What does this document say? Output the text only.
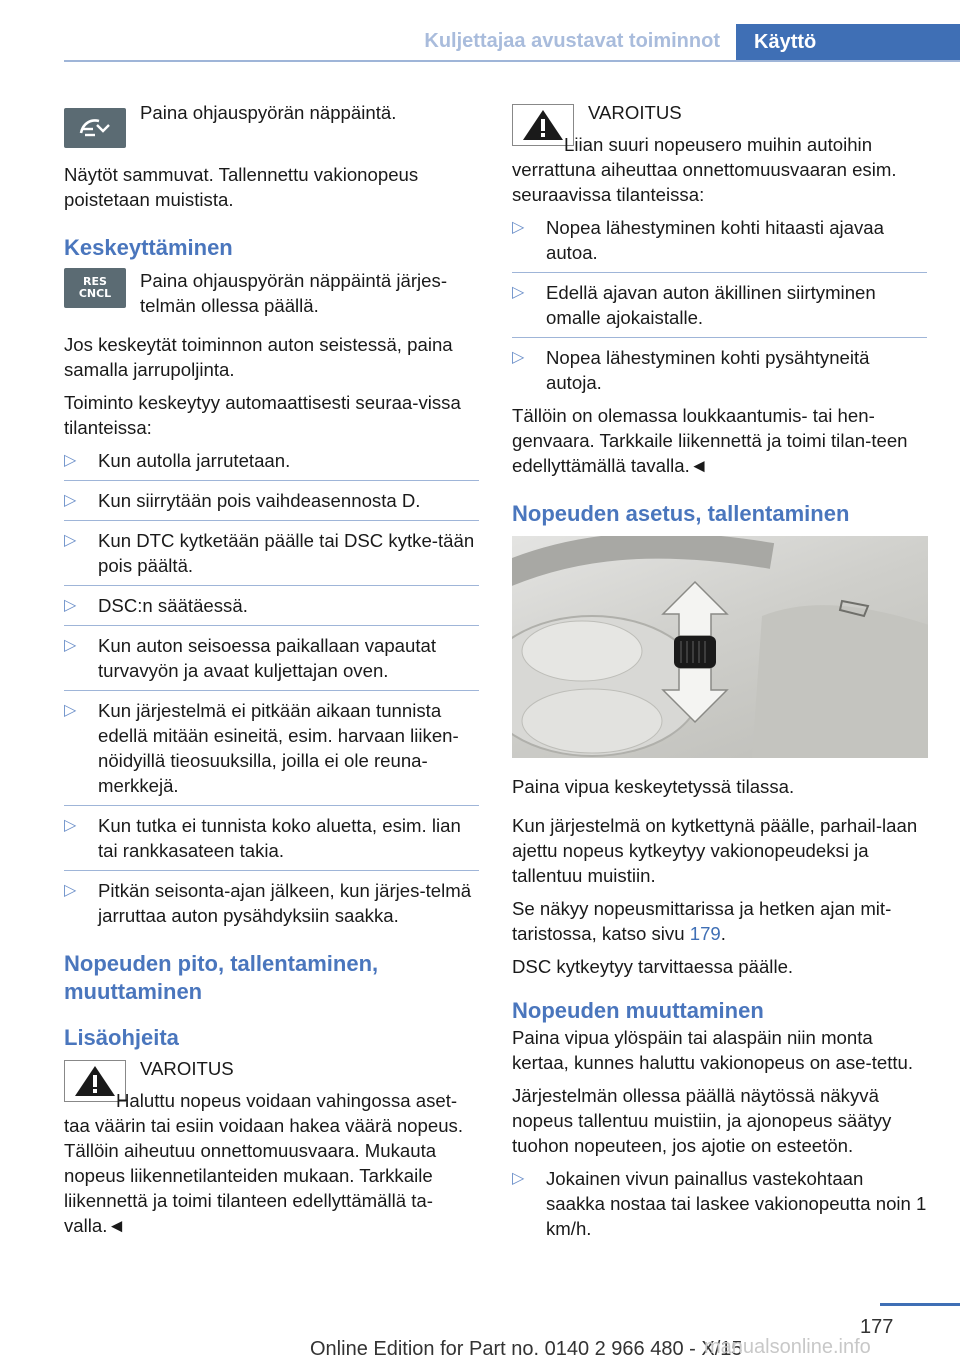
Kuljettajaa avustavat toiminnot	Käyttö
Paina ohjauspyörän näppäintä.

Näytöt sammuvat. Tallennettu vakionopeus poistetaan muistista.

Keskeyttäminen
RES CNCL
Paina ohjauspyörän näppäintä järjes-telmän ollessa päällä.

Jos keskeytät toiminnon auton seistessä, paina samalla jarrupoljinta.

Toiminto keskeytyy automaattisesti seuraa-vissa tilanteissa:

▷ Kun autolla jarrutetaan.
▷ Kun siirrytään pois vaihdeasennosta D.
▷ Kun DTC kytketään päälle tai DSC kytke-tään pois päältä.
▷ DSC:n säätäessä.
▷ Kun auton seisoessa paikallaan vapautat turvavyön ja avaat kuljettajan oven.
▷ Kun järjestelmä ei pitkään aikaan tunnista edellä mitään esineitä, esim. harvaan liiken-nöidyillä tieosuuksilla, joilla ei ole reuna-merkkejä.
▷ Kun tutka ei tunnista koko aluetta, esim. lian tai rankkasateen takia.
▷ Pitkän seisonta-ajan jälkeen, kun järjes-telmä jarruttaa auton pysähdyksiin saakka.
Nopeuden pito, tallentaminen, muuttaminen
Lisäohjeita
VAROITUS

Haluttu nopeus voidaan vahingossa aset-taa väärin tai esiin voidaan hakea väärä nopeus. Tällöin aiheutuu onnettomuusvaara. Mukauta nopeus liikennetilanteiden mukaan. Tarkkaile liikennettä ja toimi tilanteen edellyttämällä ta-valla.◄

VAROITUS

Liian suuri nopeusero muihin autoihin verrattuna aiheuttaa onnettomuusvaaran esim. seuraavissa tilanteissa:

▷ Nopea lähestyminen kohti hitaasti ajavaa autoa.
▷ Edellä ajavan auton äkillinen siirtyminen omalle ajokaistalle.
▷ Nopea lähestyminen kohti pysähtyneitä autoja.

Tällöin on olemassa loukkaantumis- tai hen-genvaara. Tarkkaile liikennettä ja toimi tilan-teen edellyttämällä tavalla.◄

Nopeuden asetus, tallentaminen

Paina vipua keskeytetyssä tilassa.

Kun järjestelmä on kytkettynä päälle, parhail-laan ajettu nopeus kytkeytyy vakionopeudeksi ja tallentuu muistiin.

Se näkyy nopeusmittarissa ja hetken ajan mit-taristossa, katso sivu 179.

DSC kytkeytyy tarvittaessa päälle.

Nopeuden muuttaminen

Paina vipua ylöspäin tai alaspäin niin monta kertaa, kunnes haluttu vakionopeus on ase-tettu.

Järjestelmän ollessa päällä näytössä näkyvä nopeus tallentuu muistiin, ja ajonopeus säätyy tuohon nopeuteen, jos ajotie on esteetön.

▷ Jokainen vivun painallus vastekohtaan saakka nostaa tai laskee vakionopeutta noin 1 km/h.
177
Online Edition for Part no. 0140 2 966 480 - X/15
manualsonline.info
